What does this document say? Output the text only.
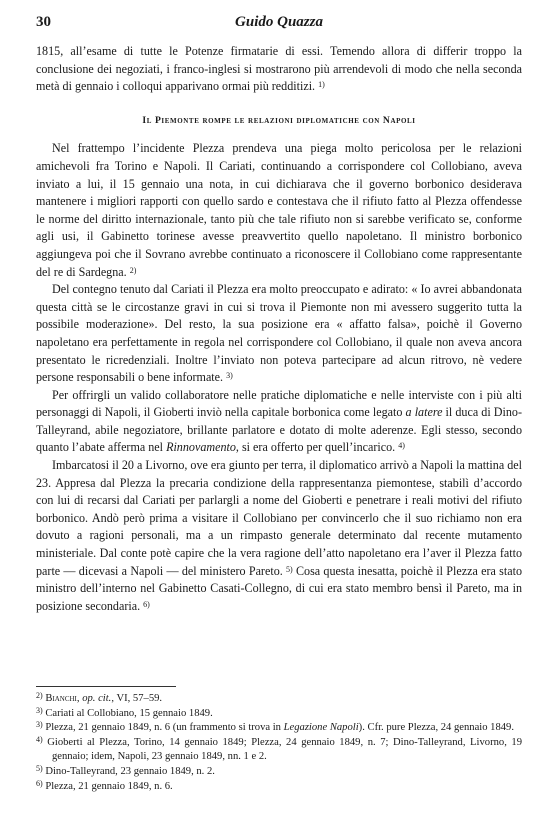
30	Guido Quazza

1815, all’esame di tutte le Potenze firmatarie di essi. Temendo allora di differir troppo la conclusione dei negoziati, i franco-inglesi si mostrarono più arrendevoli di modo che nella seconda metà di gennaio i colloqui apparivano ormai più redditizi. $^{1)}$

Il Piemonte rompe le relazioni diplomatiche con Napoli

Nel frattempo l’incidente Plezza prendeva una piega molto pericolosa per le relazioni amichevoli fra Torino e Napoli. Il Cariati, continuando a corrispondere col Collobiano, aveva inviato a lui, il 15 gennaio una nota, in cui dichiarava che il governo borbonico desiderava mantenere i migliori rapporti con quello sardo e contestava che il rifiuto fatto al Plezza offendesse le norme del diritto internazionale, tanto più che tale rifiuto non si sarebbe verificato se, conforme agli usi, il Gabinetto torinese avesse preavvertito quello napoletano. Il ministro borbonico aggiungeva poi che il Sovrano avrebbe continuato a riconoscere il Collobiano come rappresentante del re di Sardegna. $^{2)}$

Del contegno tenuto dal Cariati il Plezza era molto preoccupato e adirato: « Io avrei abbandonata questa città se le circostanze gravi in cui si trova il Piemonte non mi avessero suggerito tutta la possibile moderazione». Del resto, la sua posizione era « affatto falsa», poichè il Governo napoletano era perfettamente in regola nel corrispondere col Collobiano, il quale non aveva ancora presentato le ricredenziali. Inoltre l’inviato non poteva partecipare ad alcun ritrovo, nè vedere persone responsabili o bene informate. $^{3)}$

Per offrirgli un valido collaboratore nelle pratiche diplomatiche e nelle interviste con i più alti personaggi di Napoli, il Gioberti inviò nella capitale borbonica come legato a latere il duca di Dino-Talleyrand, abile negoziatore, brillante parlatore e dotato di molte aderenze. Egli stesso, secondo quanto l’abate afferma nel Rinnovamento, si era offerto per quell’incarico. $^{4)}$

Imbarcatosi il 20 a Livorno, ove era giunto per terra, il diplomatico arrivò a Napoli la mattina del 23. Appresa dal Plezza la precaria condizione della rappresentanza piemontese, stabilì d’accordo con lui di recarsi dal Cariati per parlargli a nome del Gioberti e penetrare i reali motivi del rifiuto borbonico. Andò però prima a visitare il Collobiano per convincerlo che il suo richiamo non era dovuto a ragioni personali, ma a un rimpasto generale determinato dal recente mutamento ministeriale. Dal conte potè capire che la vera ragione dell’atto napoletano era l’aver il Plezza fatto parte — dicevasi a Napoli — del ministero Pareto. $^{5)}$ Cosa questa inesatta, poichè il Plezza era stato ministro dell’interno nel Gabinetto Casati-Collegno, di cui era stato membro bensì il Pareto, ma in posizione secondaria. $^{6)}$

$^{2)}$ Bianchi, op. cit., VI, 57–59.

$^{3)}$ Cariati al Collobiano, 15 gennaio 1849.

$^{3)}$ Plezza, 21 gennaio 1849, n. 6 (un frammento si trova in Legazione Napoli). Cfr. pure Plezza, 24 gennaio 1849.

$^{4)}$ Gioberti al Plezza, Torino, 14 gennaio 1849; Plezza, 24 gennaio 1849, n. 7; Dino-Talleyrand, Livorno, 19 gennaio; idem, Napoli, 23 gennaio 1849, nn. 1 e 2.

$^{5)}$ Dino-Talleyrand, 23 gennaio 1849, n. 2.

$^{6)}$ Plezza, 21 gennaio 1849, n. 6.
